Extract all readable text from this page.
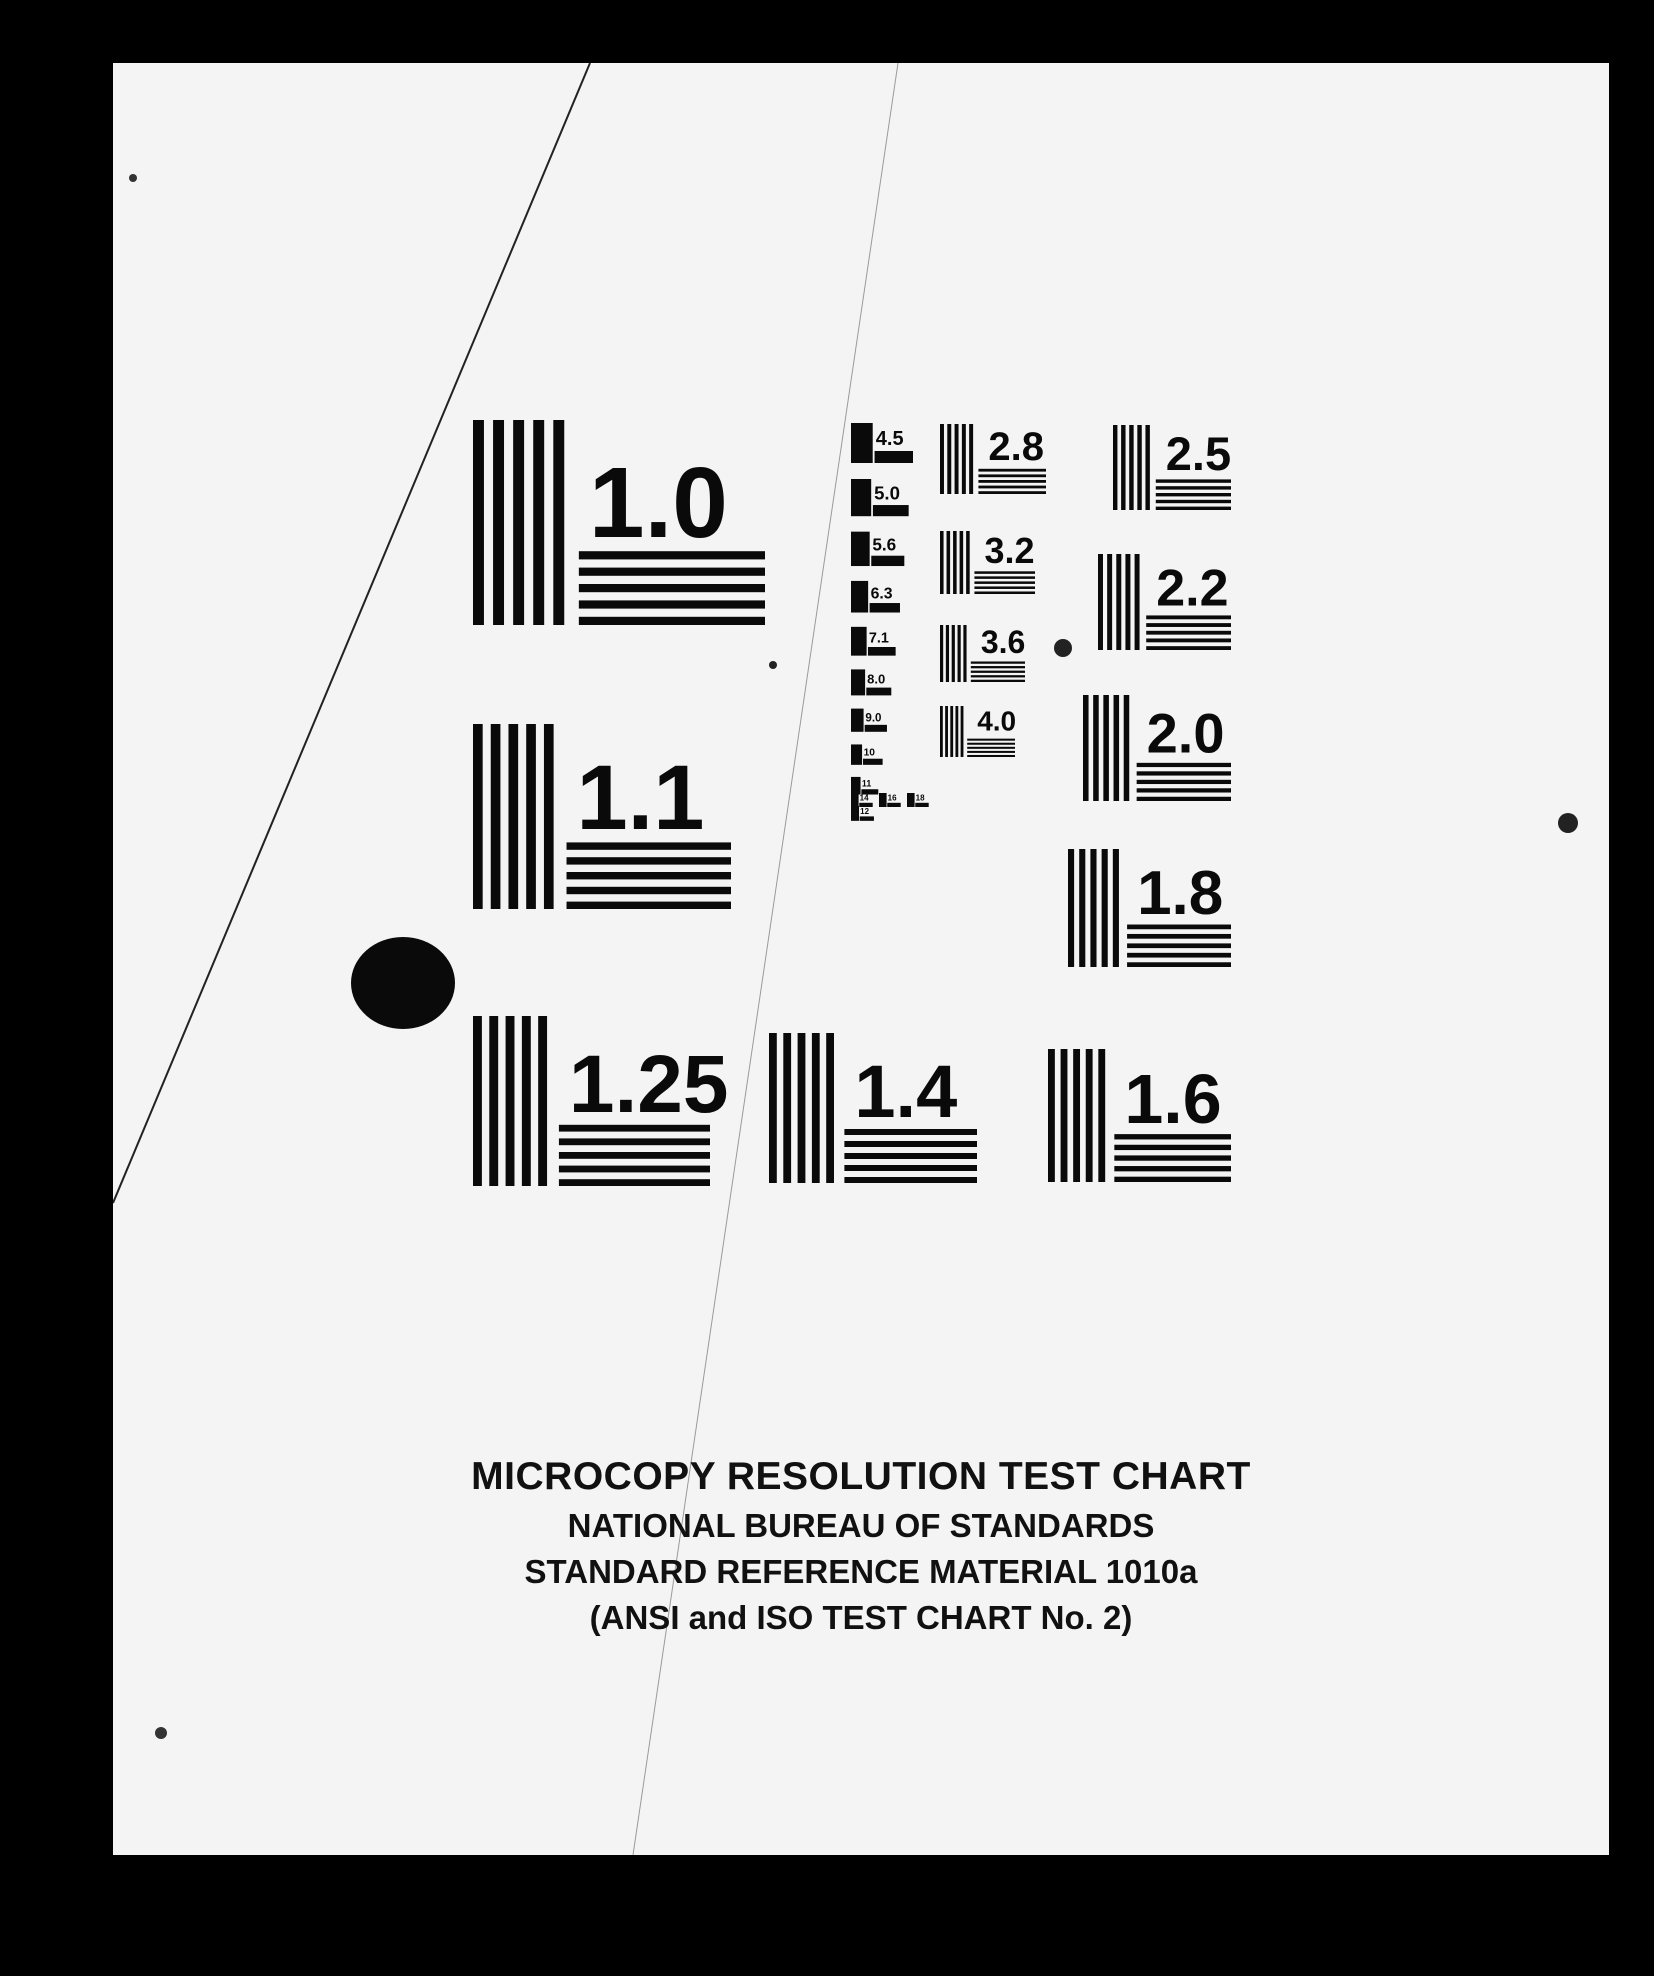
1.0
1.1
1.25 1.4 1.6
1.8
2.0
2.2
2.5
2.8
3.2
3.6
4.0
4.5
5.0
5.6
6.3
7.1
8.0
9.0
10
11
12
14 16 18
MICROCOPY RESOLUTION TEST CHART
NATIONAL BUREAU OF STANDARDS
STANDARD REFERENCE MATERIAL 1010a
(ANSI and ISO TEST CHART No. 2)
